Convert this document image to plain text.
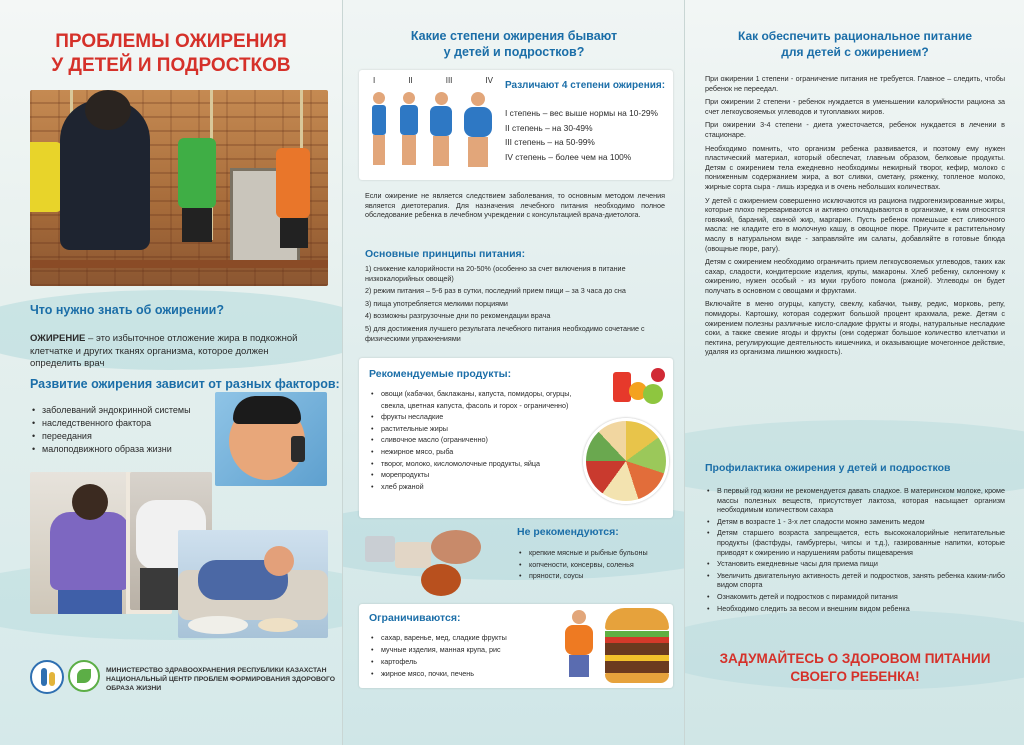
ПРОБЛЕМЫ ОЖИРЕНИЯ
У ДЕТЕЙ И ПОДРОСТКОВ
Что нужно знать об ожирении?
ОЖИРЕНИЕ – это избыточное отложение жира в подкожной клетчатке и других тканях организма, которое должен определить врач
Развитие ожирения зависит от разных факторов:
• заболеваний эндокринной системы
• наследственного фактора
• переедания
• малоподвижного образа жизни
МИНИСТЕРСТВО ЗДРАВООХРАНЕНИЯ РЕСПУБЛИКИ КАЗАХСТАН
НАЦИОНАЛЬНЫЙ ЦЕНТР ПРОБЛЕМ ФОРМИРОВАНИЯ ЗДОРОВОГО ОБРАЗА ЖИЗНИ
Какие степени ожирения бывают
у детей и подростков?
I	II	III	IV Различают 4 степени ожирения:
I степень – вес выше нормы на 10-29%
II степень – на 30-49%
III степень – на 50-99%
IV степень – более чем на 100%
Если ожирение не является следствием заболевания, то основным методом лечения является диетотерапия. Для назначения лечебного питания необходимо полное обследование ребенка в лечебном учреждении с консультацией врача-диетолога.
Основные принципы питания:
1) снижение калорийности на 20-50% (особенно за счет включения в питание низкокалорийных овощей)
2) режим питания – 5-6 раз в сутки, последний прием пищи – за 3 часа до сна
3) пища употребляется мелкими порциями
4) возможны разгрузочные дни по рекомендации врача
5) для достижения лучшего результата лечебного питания необходимо сочетание с физическими упражнениями
Рекомендуемые продукты:
• овощи (кабачки, баклажаны, капуста, помидоры, огурцы, свекла, цветная капуста, фасоль и горох - ограниченно)
• фрукты несладкие
• растительные жиры
• сливочное масло (ограниченно)
• нежирное мясо, рыба
• творог, молоко, кисломолочные продукты, яйца
• морепродукты
• хлеб ржаной
Не рекомендуются:
• крепкие мясные и рыбные бульоны
• копчености, консервы, соленья
• пряности, соусы
Ограничиваются:
• сахар, варенье, мед, сладкие фрукты
• мучные изделия, манная крупа, рис
• картофель
• жирное мясо, почки, печень
Как обеспечить рациональное питание
для детей с ожирением?

При ожирении 1 степени - ограничение питания не требуется. Главное – следить, чтобы ребенок не переедал.

При ожирении 2 степени - ребенок нуждается в уменьшении калорийности рациона за счет легкоусвояемых углеводов и тугоплавких жиров.

При ожирении 3-4 степени - диета ужесточается, ребенок нуждается в лечении в стационаре.

Необходимо помнить, что организм ребенка развивается, и поэтому ему нужен пластический материал, который обеспечат, главным образом, белковые продукты. Детям с ожирением тела ежедневно необходимы нежирный творог, кефир, молоко с пониженным содержанием жира, а вот сливки, сметану, ряженку, топленое молоко, жирные сорта сыра - лишь изредка и в очень небольших количествах.

У детей с ожирением совершенно исключаются из рациона гидрогенизированные жиры, которые плохо перевариваются и активно откладываются в организме, к ним относятся говяжий, бараний, свиной жир, маргарин. Пусть ребенок помешьше ест сливочного масла: не кладите его в молочную кашу, в овощное пюре. Приучите к растительному маслу в натуральном виде - заправляйте им салаты, добавляйте в готовые блюда (овощные пюре, рагу).

Детям с ожирением необходимо ограничить прием легкоусвояемых углеводов, таких как сахар, сладости, кондитерские изделия, крупы, макароны. Хлеб ребенку, склонному к ожирению, нужен особый - из муки грубого помола (ржаной). Углеводы он будет получать в основном с овощами и фруктами.

Включайте в меню огурцы, капусту, свеклу, кабачки, тыкву, редис, морковь, репу, помидоры. Картошку, которая содержит большой процент крахмала, реже. Детям с ожирением полезны различные кисло-сладкие фрукты и ягоды, натуральные несладкие соки, а также свежие ягоды и фрукты (они содержат большое количество клетчатки и пектина, регулирующие деятельность кишечника, и оказывающие мочегонное действие, удаляя из организма лишнюю жидкость).

Профилактика ожирения у детей и подростков
• В первый год жизни не рекомендуется давать сладкое. В материнском молоке, кроме массы полезных веществ, присутствует лактоза, которая насыщает организм необходимым количеством сахара
• Детям в возрасте 1 - 3-х лет сладости можно заменить медом
• Детям старшего возраста запрещается, есть высококалорийные непитательные продукты (фастфуды, гамбургеры, чипсы и т.д.), газированные напитки, которые приводят к ожирению и нарушениям работы пищеварения
• Установить ежедневные часы для приема пищи
• Увеличить двигательную активность детей и подростков, занять ребенка каким-либо видом спорта
• Ознакомить детей и подростков с пирамидой питания
• Необходимо следить за весом и внешним видом ребенка
ЗАДУМАЙТЕСЬ О ЗДОРОВОМ ПИТАНИИ
СВОЕГО РЕБЕНКА!
